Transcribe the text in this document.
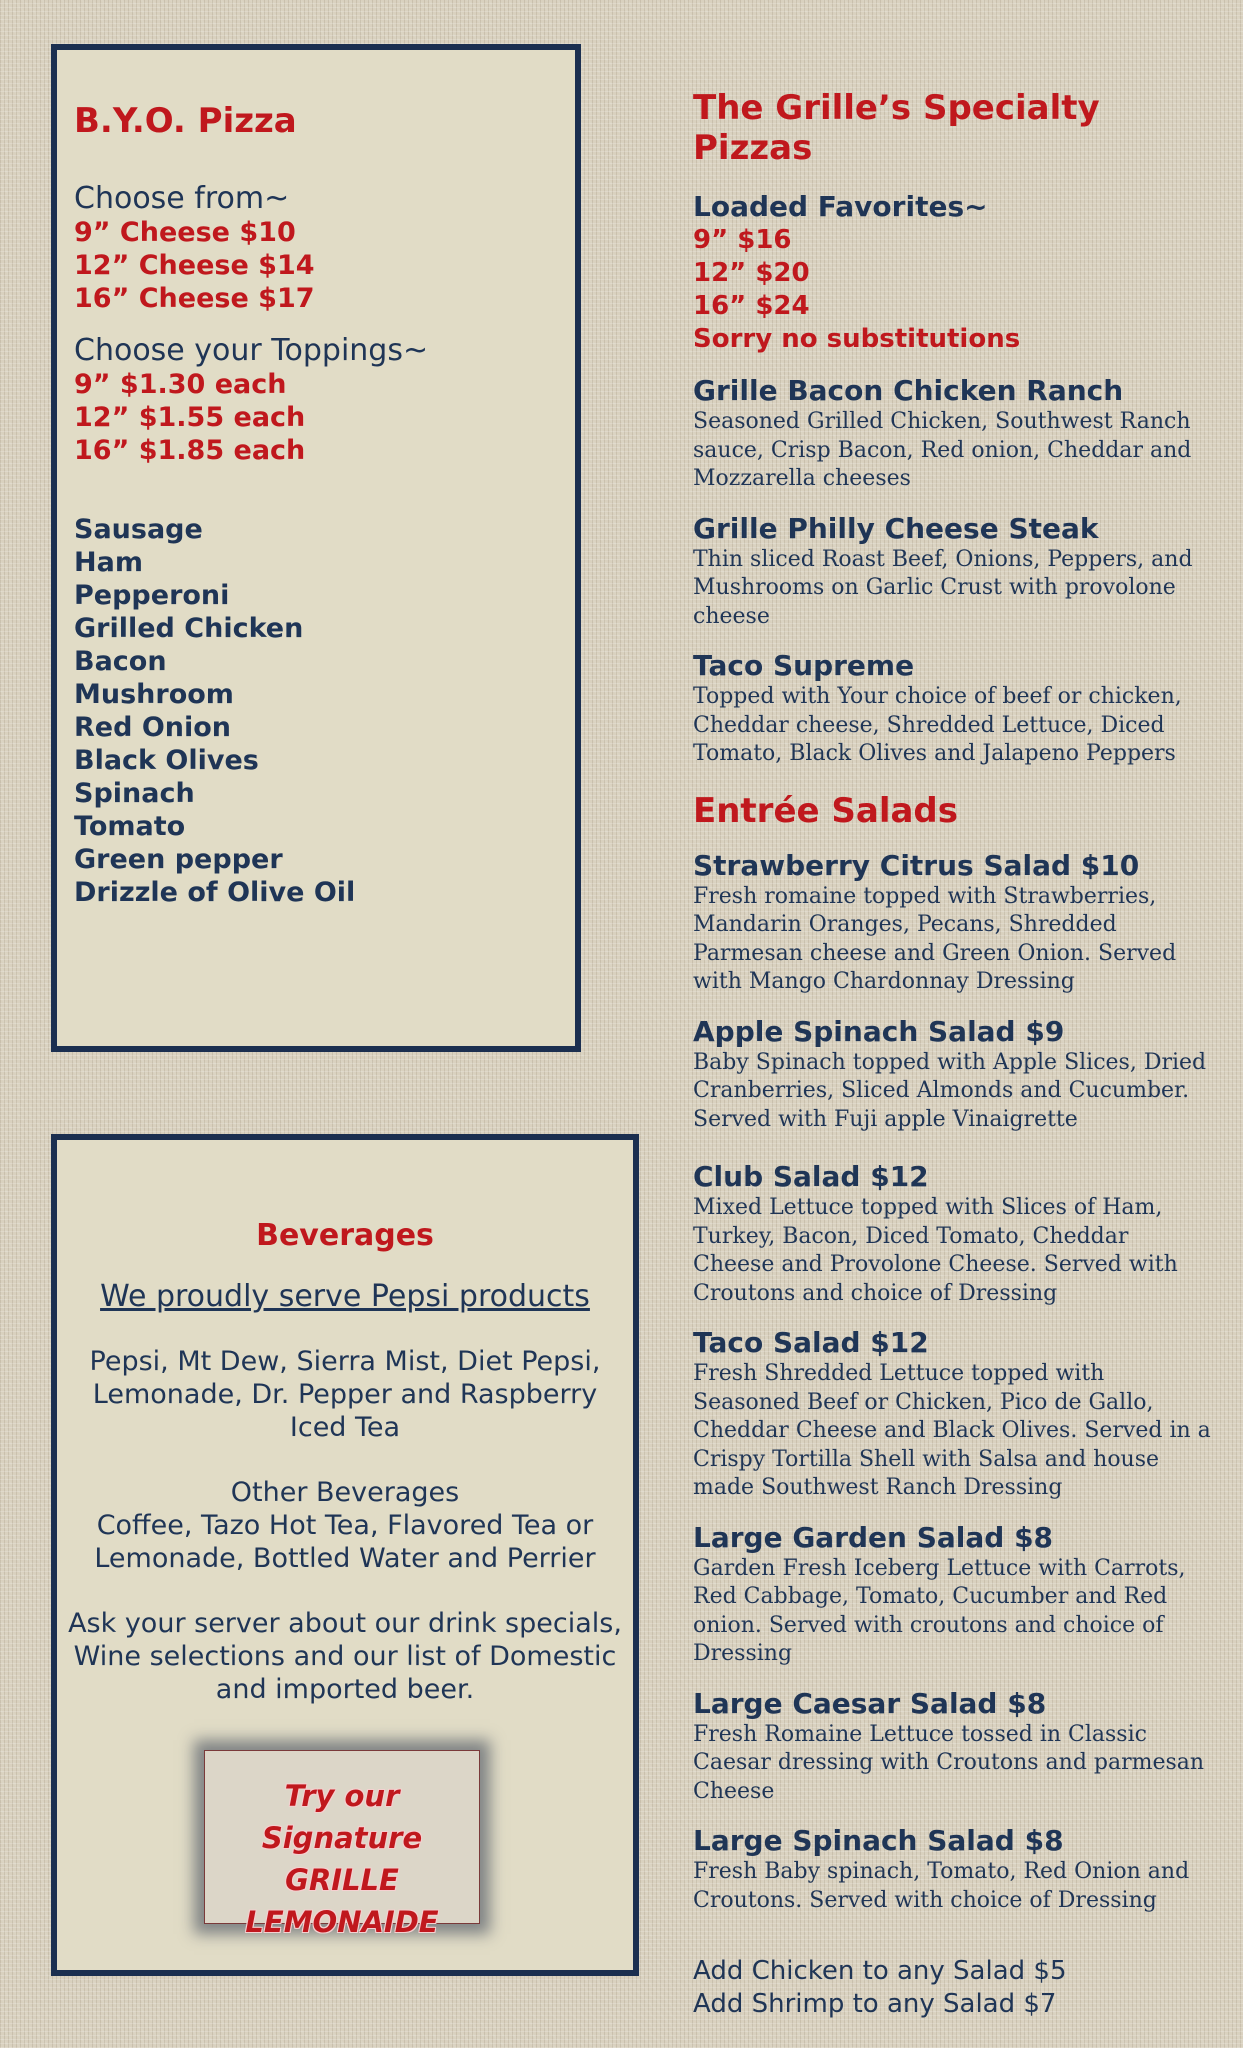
B.Y.O. Pizza
Choose from~
9” Cheese $10
12” Cheese $14
16” Cheese $17
Choose your Toppings~
9” $1.30 each
12” $1.55 each
16” $1.85 each
Sausage
Ham
Pepperoni
Grilled Chicken
Bacon
Mushroom
Red Onion
Black Olives
Spinach
Tomato
Green pepper
Drizzle of Olive Oil
Beverages

We proudly serve Pepsi products

Pepsi, Mt Dew, Sierra Mist, Diet Pepsi, Lemonade, Dr. Pepper and Raspberry Iced Tea

Other Beverages
Coffee, Tazo Hot Tea, Flavored Tea or Lemonade, Bottled Water and Perrier

Ask your server about our drink specials, Wine selections and our list of Domestic and imported beer.

Try our Signature
GRILLE
LEMONAIDE
The Grille’s Specialty Pizzas
Loaded Favorites~
9” $16
12” $20
16” $24
Sorry no substitutions
Grille Bacon Chicken Ranch
Seasoned Grilled Chicken, Southwest Ranch sauce, Crisp Bacon, Red onion, Cheddar and Mozzarella cheeses
Grille Philly Cheese Steak
Thin sliced Roast Beef, Onions, Peppers, and Mushrooms on Garlic Crust with provolone cheese
Taco Supreme
Topped with Your choice of beef or chicken, Cheddar cheese, Shredded Lettuce, Diced Tomato, Black Olives and Jalapeno Peppers
Entrée Salads
Strawberry Citrus Salad $10
Fresh romaine topped with Strawberries, Mandarin Oranges, Pecans, Shredded Parmesan cheese and Green Onion. Served with Mango Chardonnay Dressing
Apple Spinach Salad $9
Baby Spinach topped with Apple Slices, Dried Cranberries, Sliced Almonds and Cucumber. Served with Fuji apple Vinaigrette
Club Salad $12
Mixed Lettuce topped with Slices of Ham, Turkey, Bacon, Diced Tomato, Cheddar Cheese and Provolone Cheese. Served with Croutons and choice of Dressing
Taco Salad $12
Fresh Shredded Lettuce topped with Seasoned Beef or Chicken, Pico de Gallo, Cheddar Cheese and Black Olives. Served in a Crispy Tortilla Shell with Salsa and house made Southwest Ranch Dressing
Large Garden Salad $8
Garden Fresh Iceberg Lettuce with Carrots, Red Cabbage, Tomato, Cucumber and Red onion. Served with croutons and choice of Dressing
Large Caesar Salad $8
Fresh Romaine Lettuce tossed in Classic Caesar dressing with Croutons and parmesan Cheese
Large Spinach Salad $8
Fresh Baby spinach, Tomato, Red Onion and Croutons. Served with choice of Dressing
Add Chicken to any Salad $5
Add Shrimp to any Salad $7
